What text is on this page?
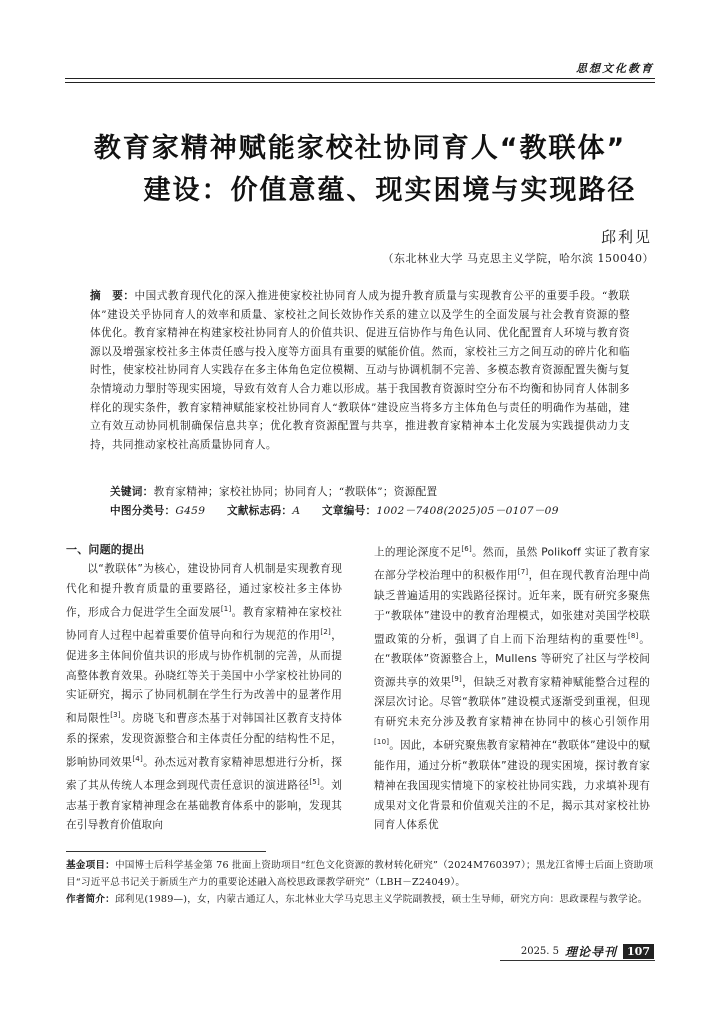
思想文化教育
教育家精神赋能家校社协同育人“教联体”
建设：价值意蕴、现实困境与实现路径
邱利见
（东北林业大学 马克思主义学院，哈尔滨 150040）
摘　要：中国式教育现代化的深入推进使家校社协同育人成为提升教育质量与实现教育公平的重要手段。“教联体”建设关乎协同育人的效率和质量、家校社之间长效协作关系的建立以及学生的全面发展与社会教育资源的整体优化。教育家精神在构建家校社协同育人的价值共识、促进互信协作与角色认同、优化配置育人环境与教育资源以及增强家校社多主体责任感与投入度等方面具有重要的赋能价值。然而，家校社三方之间互动的碎片化和临时性，使家校社协同育人实践存在多主体角色定位模糊、互动与协调机制不完善、多模态教育资源配置失衡与复杂情境动力掣肘等现实困境，导致有效育人合力难以形成。基于我国教育资源时空分布不均衡和协同育人体制多样化的现实条件，教育家精神赋能家校社协同育人“教联体”建设应当将多方主体角色与责任的明确作为基础，建立有效互动协同机制确保信息共享；优化教育资源配置与共享，推进教育家精神本土化发展为实践提供动力支持，共同推动家校社高质量协同育人。
关键词：教育家精神；家校社协同；协同育人；“教联体”；资源配置
中图分类号：G459 文献标志码：A 文章编号：1002－7408(2025)05－0107－09
一、问题的提出

以“教联体”为核心，建设协同育人机制是实现教育现代化和提升教育质量的重要路径，通过家校社多主体协作，形成合力促进学生全面发展[1]。教育家精神在家校社协同育人过程中起着重要价值导向和行为规范的作用[2]，促进多主体间价值共识的形成与协作机制的完善，从而提高整体教育效果。孙晓红等关于美国中小学家校社协同的实证研究，揭示了协同机制在学生行为改善中的显著作用和局限性[3]。房晓飞和曹彦杰基于对韩国社区教育支持体系的探索，发现资源整合和主体责任分配的结构性不足，影响协同效果[4]。孙杰远对教育家精神思想进行分析，探索了其从传统人本理念到现代责任意识的演进路径[5]。刘志基于教育家精神理念在基础教育体系中的影响，发现其在引导教育价值取向

上的理论深度不足[6]。然而，虽然 Polikoff 实证了教育家在部分学校治理中的积极作用[7]，但在现代教育治理中尚缺乏普遍适用的实践路径探讨。近年来，既有研究多聚焦于“教联体”建设中的教育治理模式，如张建对美国学校联盟政策的分析，强调了自上而下治理结构的重要性[8]。在“教联体”资源整合上，Mullens 等研究了社区与学校间资源共享的效果[9]，但缺乏对教育家精神赋能整合过程的深层次讨论。尽管“教联体”建设模式逐渐受到重视，但现有研究未充分涉及教育家精神在协同中的核心引领作用[10]。因此，本研究聚焦教育家精神在“教联体”建设中的赋能作用，通过分析“教联体”建设的现实困境，探讨教育家精神在我国现实情境下的家校社协同实践，力求填补现有成果对文化背景和价值观关注的不足，揭示其对家校社协同育人体系优

基金项目：中国博士后科学基金第 76 批面上资助项目“红色文化资源的教材转化研究”（2024M760397）；黑龙江省博士后面上资助项目“习近平总书记关于新质生产力的重要论述融入高校思政课教学研究”（LBH－Z24049）。
作者简介：邱利见(1989—)，女，内蒙古通辽人，东北林业大学马克思主义学院副教授，硕士生导师，研究方向：思政课程与教学论。
2025. 5 理论导刊 107
